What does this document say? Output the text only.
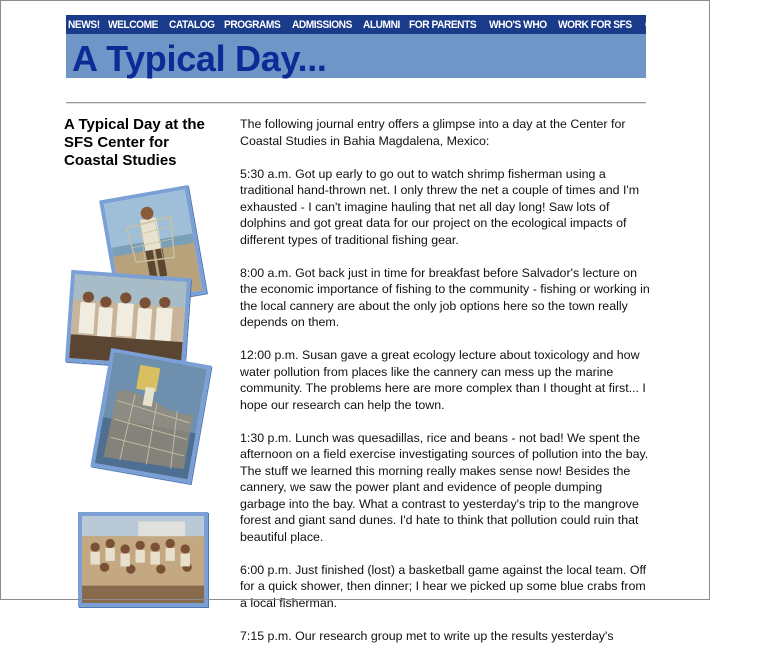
NEWS! WELCOME CATALOG PROGRAMS ADMISSIONS ALUMNI FOR PARENTS WHO'S WHO WORK FOR SFS CONTACT INDEX HOME
A Typical Day...
A Typical Day at the SFS Center for Coastal Studies

The following journal entry offers a glimpse into a day at the Center for Coastal Studies in Bahia Magdalena, Mexico:

5:30 a.m. Got up early to go out to watch shrimp fisherman using a traditional hand-thrown net. I only threw the net a couple of times and I'm exhausted - I can't imagine hauling that net all day long! Saw lots of dolphins and got great data for our project on the ecological impacts of different types of traditional fishing gear.

8:00 a.m. Got back just in time for breakfast before Salvador's lecture on the economic importance of fishing to the community - fishing or working in the local cannery are about the only job options here so the town really depends on them.

12:00 p.m. Susan gave a great ecology lecture about toxicology and how water pollution from places like the cannery can mess up the marine community. The problems here are more complex than I thought at first... I hope our research can help the town.

1:30 p.m. Lunch was quesadillas, rice and beans - not bad! We spent the afternoon on a field exercise investigating sources of pollution into the bay. The stuff we learned this morning really makes sense now! Besides the cannery, we saw the power plant and evidence of people dumping garbage into the bay. What a contrast to yesterday's trip to the mangrove forest and giant sand dunes. I'd hate to think that pollution could ruin that beautiful place.

6:00 p.m. Just finished (lost) a basketball game against the local team. Off for a quick shower, then dinner; I hear we picked up some blue crabs from a local fisherman.

7:15 p.m. Our research group met to write up the results yesterday's
